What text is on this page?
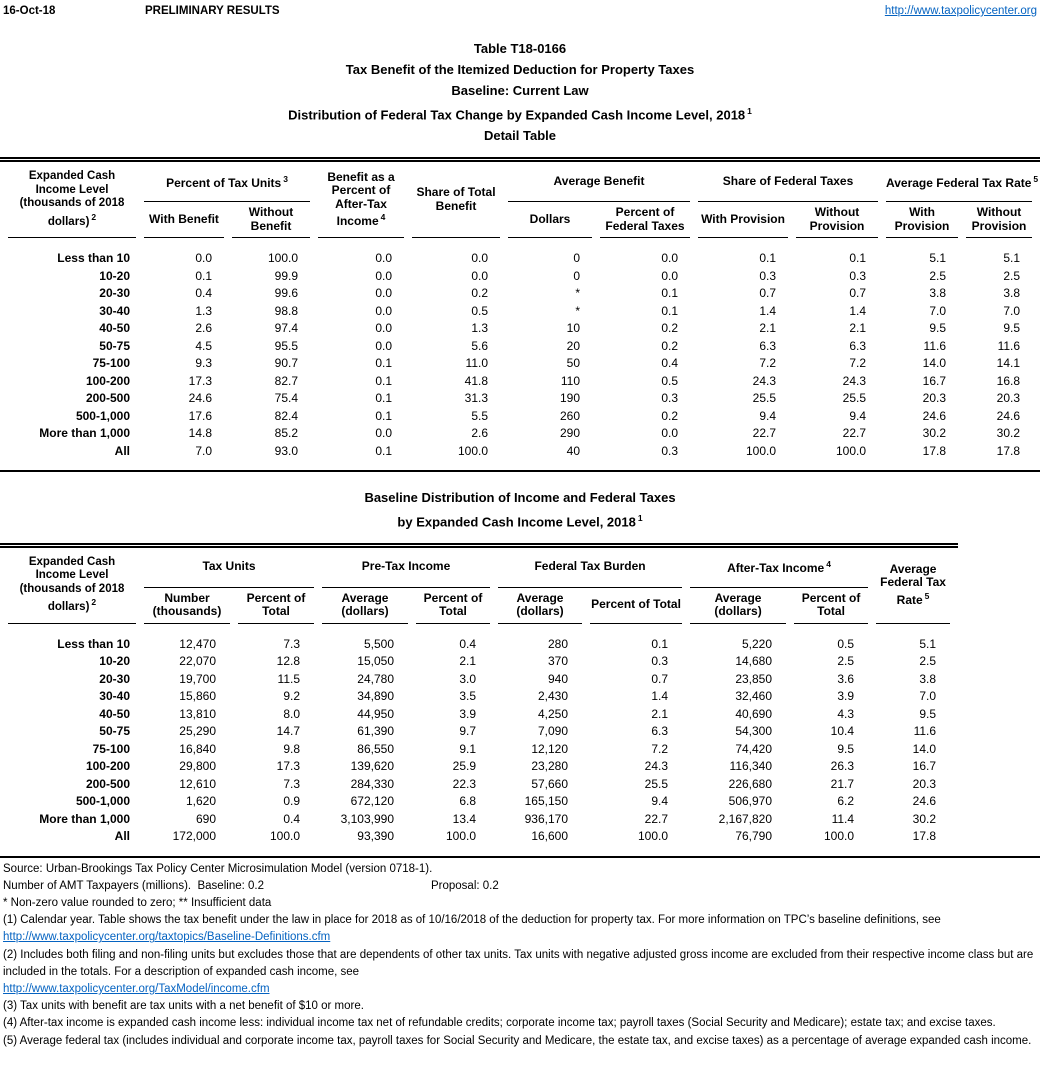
16-Oct-18	PRELIMINARY RESULTS	http://www.taxpolicycenter.org
Table T18-0166
Tax Benefit of the Itemized Deduction for Property Taxes
Baseline: Current Law
Distribution of Federal Tax Change by Expanded Cash Income Level, 2018 $^1$
Detail Table
Expanded Cash Income Level (thousands of 2018 dollars) $^2$	Percent of Tax Units $^3$		Benefit as a Percent of After-Tax Income $^4$	Share of Total Benefit	Average Benefit		Share of Federal Taxes		Average Federal Tax Rate $^5$
	With Benefit	Without Benefit			Dollars	Percent of Federal Taxes	With Provision	Without Provision	With Provision	Without Provision
Less than 10	0.0	100.0	0.0	0.0	0	0.0	0.1	0.1	5.1	5.1
10-20	0.1	99.9	0.0	0.0	0	0.0	0.3	0.3	2.5	2.5
20-30	0.4	99.6	0.0	0.2	*	0.1	0.7	0.7	3.8	3.8
30-40	1.3	98.8	0.0	0.5	*	0.1	1.4	1.4	7.0	7.0
40-50	2.6	97.4	0.0	1.3	10	0.2	2.1	2.1	9.5	9.5
50-75	4.5	95.5	0.0	5.6	20	0.2	6.3	6.3	11.6	11.6
75-100	9.3	90.7	0.1	11.0	50	0.4	7.2	7.2	14.0	14.1
100-200	17.3	82.7	0.1	41.8	110	0.5	24.3	24.3	16.7	16.8
200-500	24.6	75.4	0.1	31.3	190	0.3	25.5	25.5	20.3	20.3
500-1,000	17.6	82.4	0.1	5.5	260	0.2	9.4	9.4	24.6	24.6
More than 1,000	14.8	85.2	0.0	2.6	290	0.0	22.7	22.7	30.2	30.2
All	7.0	93.0	0.1	100.0	40	0.3	100.0	100.0	17.8	17.8
Baseline Distribution of Income and Federal Taxes
by Expanded Cash Income Level, 2018 $^1$
Expanded Cash Income Level (thousands of 2018 dollars) $^2$	Tax Units		Pre-Tax Income		Federal Tax Burden		After-Tax Income $^4$		Average Federal Tax Rate $^5$
	Number (thousands)	Percent of Total	Average (dollars)	Percent of Total	Average (dollars)	Percent of Total	Average (dollars)	Percent of Total	
Less than 10	12,470	7.3	5,500	0.4	280	0.1	5,220	0.5	5.1
10-20	22,070	12.8	15,050	2.1	370	0.3	14,680	2.5	2.5
20-30	19,700	11.5	24,780	3.0	940	0.7	23,850	3.6	3.8
30-40	15,860	9.2	34,890	3.5	2,430	1.4	32,460	3.9	7.0
40-50	13,810	8.0	44,950	3.9	4,250	2.1	40,690	4.3	9.5
50-75	25,290	14.7	61,390	9.7	7,090	6.3	54,300	10.4	11.6
75-100	16,840	9.8	86,550	9.1	12,120	7.2	74,420	9.5	14.0
100-200	29,800	17.3	139,620	25.9	23,280	24.3	116,340	26.3	16.7
200-500	12,610	7.3	284,330	22.3	57,660	25.5	226,680	21.7	20.3
500-1,000	1,620	0.9	672,120	6.8	165,150	9.4	506,970	6.2	24.6
More than 1,000	690	0.4	3,103,990	13.4	936,170	22.7	2,167,820	11.4	30.2
All	172,000	100.0	93,390	100.0	16,600	100.0	76,790	100.0	17.8
Source: Urban-Brookings Tax Policy Center Microsimulation Model (version 0718-1).
Number of AMT Taxpayers (millions).  Baseline: 0.2	Proposal: 0.2
* Non-zero value rounded to zero; ** Insufficient data
(1) Calendar year. Table shows the tax benefit under the law in place for 2018 as of 10/16/2018 of the deduction for property tax. For more information on TPC’s baseline definitions, see
http://www.taxpolicycenter.org/taxtopics/Baseline-Definitions.cfm
(2) Includes both filing and non-filing units but excludes those that are dependents of other tax units. Tax units with negative adjusted gross income are excluded from their respective income class but are included in the totals. For a description of expanded cash income, see
http://www.taxpolicycenter.org/TaxModel/income.cfm
(3) Tax units with benefit are tax units with a net benefit of $10 or more.
(4) After-tax income is expanded cash income less: individual income tax net of refundable credits; corporate income tax; payroll taxes (Social Security and Medicare); estate tax; and excise taxes.
(5) Average federal tax (includes individual and corporate income tax, payroll taxes for Social Security and Medicare, the estate tax, and excise taxes) as a percentage of average expanded cash income.
